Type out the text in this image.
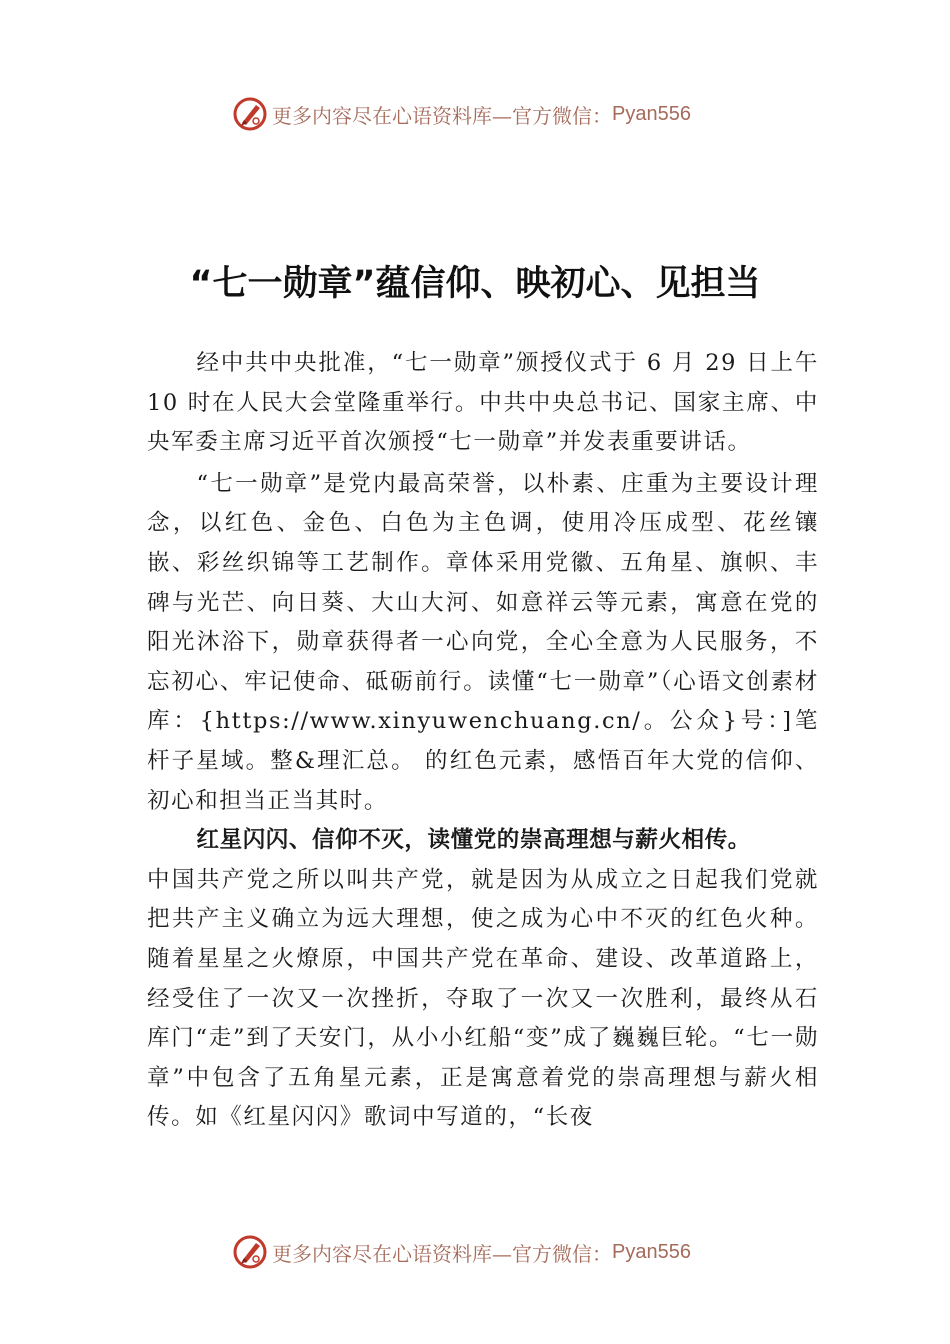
更多内容尽在心语资料库—官方微信： Pyan556
“七一勋章”蕴信仰、映初心、见担当

经中共中央批准，“七一勋章”颁授仪式于 6 月 29 日上午 10 时在人民大会堂隆重举行。中共中央总书记、国家主席、中央军委主席习近平首次颁授“七一勋章”并发表重要讲话。

“七一勋章”是党内最高荣誉，以朴素、庄重为主要设计理念，以红色、金色、白色为主色调，使用冷压成型、花丝镶嵌、彩丝织锦等工艺制作。章体采用党徽、五角星、旗帜、丰碑与光芒、向日葵、大山大河、如意祥云等元素，寓意在党的阳光沐浴下，勋章获得者一心向党，全心全意为人民服务，不忘初心、牢记使命、砥砺前行。读懂“七一勋章”（心语文创素材库：{https://www.xinyuwenchuang.cn/。公众}号：]笔杆子星域。整&理汇总。 的红色元素，感悟百年大党的信仰、初心和担当正当其时。

红星闪闪、信仰不灭，读懂党的崇高理想与薪火相传。

中国共产党之所以叫共产党，就是因为从成立之日起我们党就把共产主义确立为远大理想，使之成为心中不灭的红色火种。随着星星之火燎原，中国共产党在革命、建设、改革道路上，经受住了一次又一次挫折，夺取了一次又一次胜利，最终从石库门“走”到了天安门，从小小红船“变”成了巍巍巨轮。“七一勋章”中包含了五角星元素，正是寓意着党的崇高理想与薪火相传。如《红星闪闪》歌词中写道的，“长夜

更多内容尽在心语资料库—官方微信： Pyan556
